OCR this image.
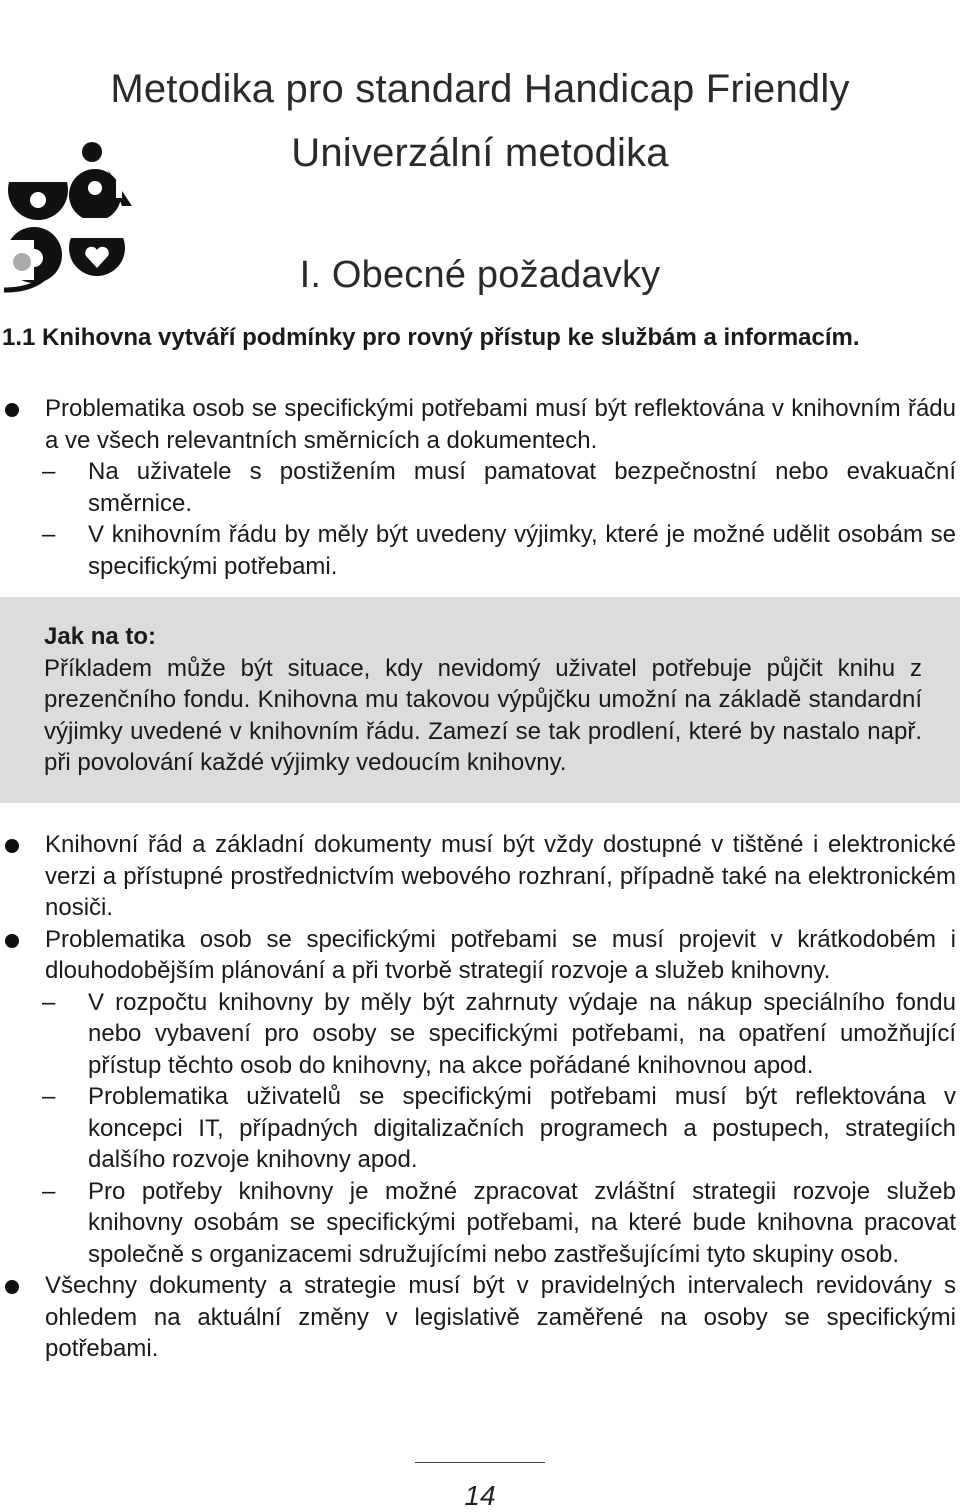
Metodika pro standard Handicap Friendly
Univerzální metodika
I. Obecné požadavky
1.1 Knihovna vytváří podmínky pro rovný přístup ke službám a informacím.
Problematika osob se specifickými potřebami musí být reflektována v knihovním řádu a ve všech relevantních směrnicích a dokumentech.
– Na uživatele s postižením musí pamatovat bezpečnostní nebo evakuační směrnice.
– V knihovním řádu by měly být uvedeny výjimky, které je možné udělit osobám se specifickými potřebami.
Jak na to:
Příkladem může být situace, kdy nevidomý uživatel potřebuje půjčit knihu z prezenčního fondu. Knihovna mu takovou výpůjčku umožní na základě standardní výjimky uvedené v knihovním řádu. Zamezí se tak prodlení, které by nastalo např. při povolování každé výjimky vedoucím knihovny.
Knihovní řád a základní dokumenty musí být vždy dostupné v tištěné i elektronické verzi a přístupné prostřednictvím webového rozhraní, případně také na elektronickém nosiči.
Problematika osob se specifickými potřebami se musí projevit v krátkodobém i dlouhodobějším plánování a při tvorbě strategií rozvoje a služeb knihovny.
– V rozpočtu knihovny by měly být zahrnuty výdaje na nákup speciálního fondu nebo vybavení pro osoby se specifickými potřebami, na opatření umožňující přístup těchto osob do knihovny, na akce pořádané knihovnou apod.
– Problematika uživatelů se specifickými potřebami musí být reflektována v koncepci IT, případných digitalizačních programech a postupech, strategiích dalšího rozvoje knihovny apod.
– Pro potřeby knihovny je možné zpracovat zvláštní strategii rozvoje služeb knihovny osobám se specifickými potřebami, na které bude knihovna pracovat společně s organizacemi sdružujícími nebo zastřešujícími tyto skupiny osob.
Všechny dokumenty a strategie musí být v pravidelných intervalech revidovány s ohledem na aktuální změny v legislativě zaměřené na osoby se specifickými potřebami.
14
